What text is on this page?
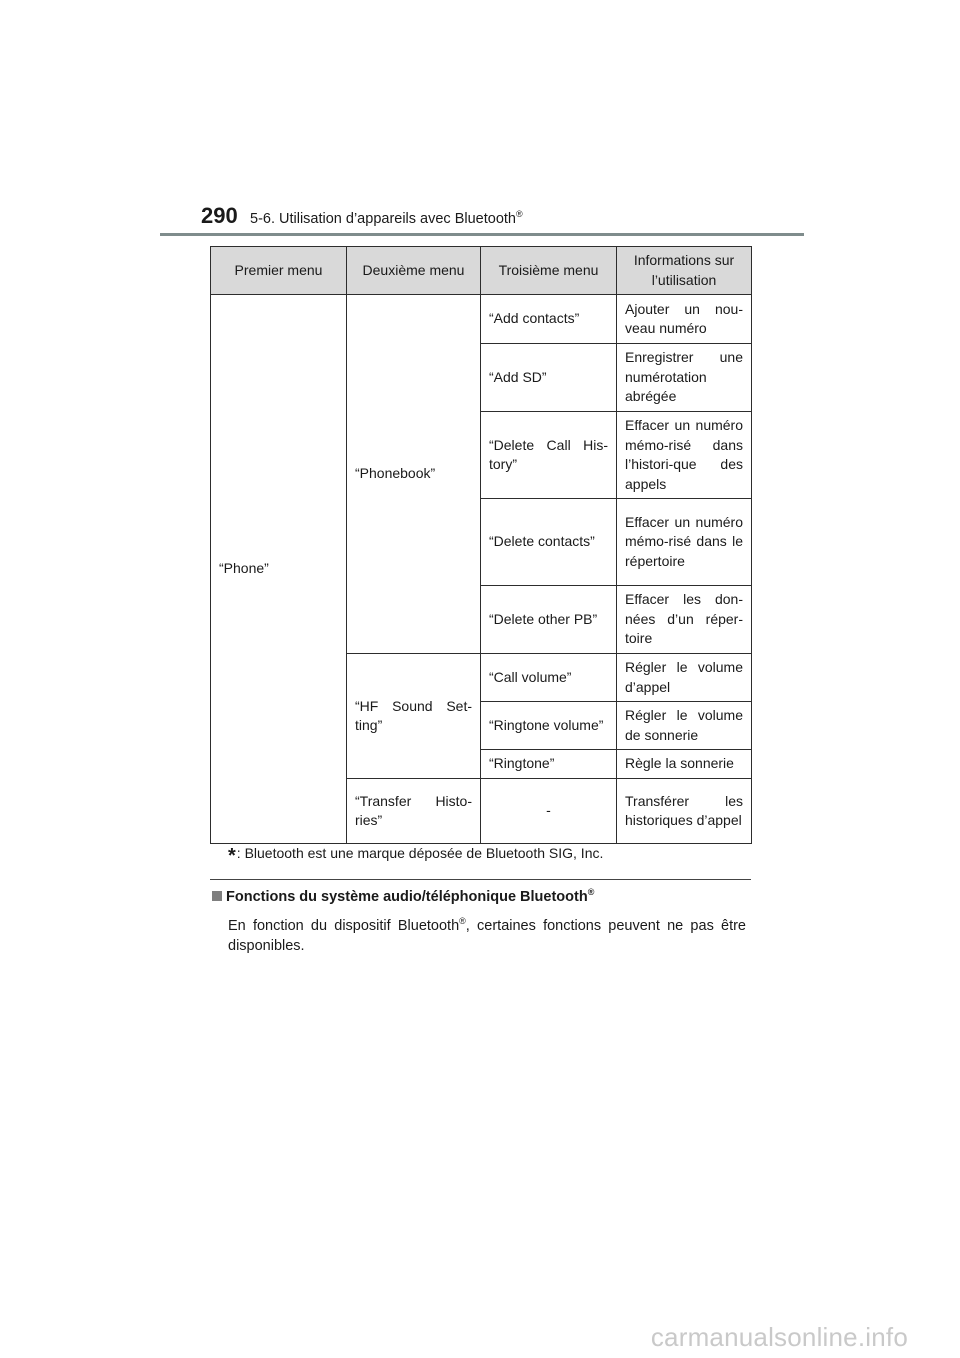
290 5-6. Utilisation d’appareils avec Bluetooth®
Premier menu	Deuxième menu	Troisième menu	Informations sur l’utilisation
“Phone”	“Phonebook”	“Add contacts”	Ajouter un nou-veau numéro
		“Add SD”	Enregistrer une numérotation abrégée
		“Delete Call His-tory”	Effacer un numéro mémo-risé dans l’histori-que des appels
		“Delete contacts”	Effacer un numéro mémo-risé dans le répertoire
		“Delete other PB”	Effacer les don-nées d’un réper-toire
	“HF Sound Set-ting”	“Call volume”	Régler le volume d’appel
		“Ringtone volume”	Régler le volume de sonnerie
		“Ringtone”	Règle la sonnerie
	“Transfer Histo-ries”	-	Transférer les historiques d’appel
*: Bluetooth est une marque déposée de Bluetooth SIG, Inc.
Fonctions du système audio/téléphonique Bluetooth®
En fonction du dispositif Bluetooth®, certaines fonctions peuvent ne pas être disponibles.
carmanualsonline.info
